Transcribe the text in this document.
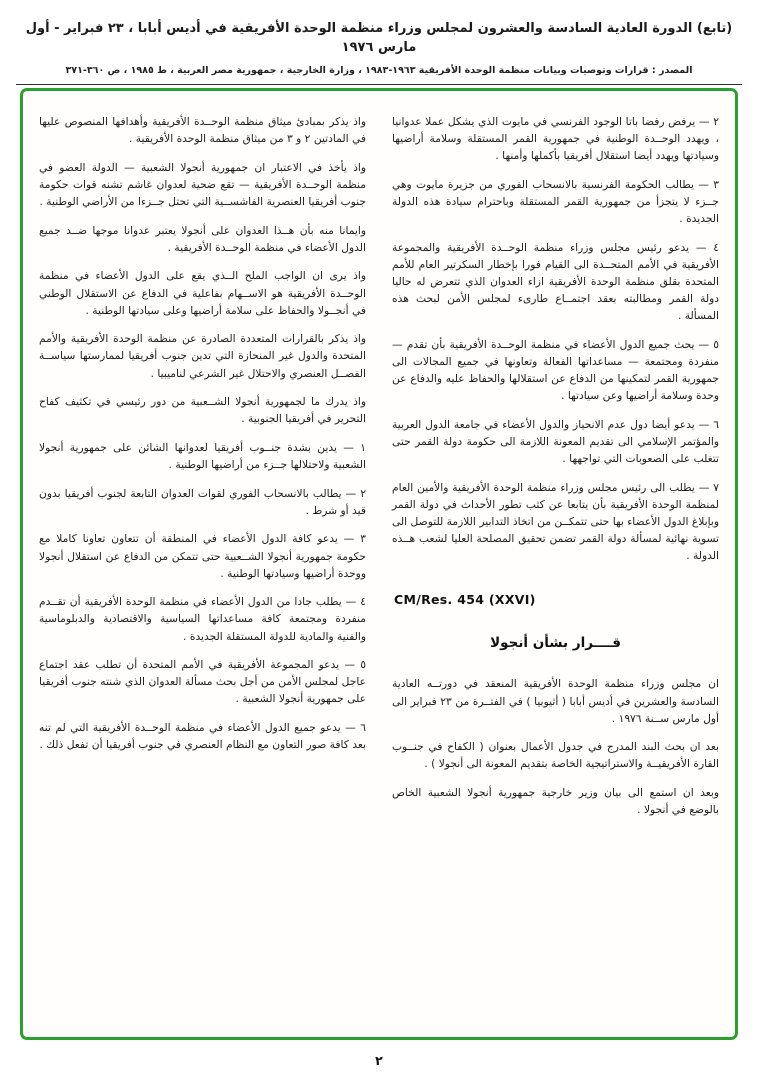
(تابع) الدورة العادية السادسة والعشرون لمجلس وزراء منظمة الوحدة الأفريقية في أديس أبابا ، ٢٣ فبراير - أول مارس ١٩٧٦
المصدر : قرارات وتوصيات وبيانات منظمة الوحدة الأفريقية ١٩٦٣-١٩٨٣ ، وزارة الخارجية ، جمهورية مصر العربية ، ط ١٩٨٥ ، ص ٣٦٠-٣٧١

٢ — يرفض رفضا باتا الوجود الفرنسي في مايوت الذي يشكل عملا عدوانيا ، ويهدد الوحــدة الوطنية في جمهورية القمر المستقلة وسلامة أراضيها وسيادتها ويهدد أيضا استقلال أفريقيا بأكملها وأمنها .

٣ — يطالب الحكومة الفرنسية بالانسحاب الفوري من جزيرة مايوت وهي جــزء لا يتجزأ من جمهورية القمر المستقلة وباحترام سيادة هذه الدولة الجديدة .

٤ — يدعو رئيس مجلس وزراء منظمة الوحــدة الأفريقية والمجموعة الأفريقية في الأمم المتحــدة الى القيام فورا بإخطار السكرتير العام للأمم المتحدة بقلق منظمة الوحدة الأفريقية ازاء العدوان الذي تتعرض له حاليا دولة القمر ومطالبته بعقد اجتمــاع طارىء لمجلس الأمن لبحث هذه المسألة .

٥ — يحث جميع الدول الأعضاء في منظمة الوحــدة الأفريقية بأن تقدم — منفردة ومجتمعة — مساعداتها الفعالة وتعاونها في جميع المجالات الى جمهورية القمر لتمكينها من الدفاع عن استقلالها والحفاظ عليه والدفاع عن وحدة وسلامة أراضيها وعن سيادتها .

٦ — يدعو أيضا دول عدم الانحياز والدول الأعضاء في جامعة الدول العربية والمؤتمر الإسلامي الى تقديم المعونة اللازمة الى حكومة دولة القمر حتى تتغلب على الصعوبات التي تواجهها .

٧ — يطلب الى رئيس مجلس وزراء منظمة الوحدة الأفريقية والأمين العام لمنظمة الوحدة الأفريقية بأن يتابعا عن كثب تطور الأحداث في دولة القمر وبإبلاغ الدول الأعضاء بها حتى تتمكــن من اتخاذ التدابير اللازمة للتوصل الى تسوية نهائية لمسألة دولة القمر تضمن تحقيق المصلحة العليا لشعب هــذه الدولة .

CM/Res. 454 (XXVI)
قــــرار بشأن أنجولا

ان مجلس وزراء منظمة الوحدة الأفريقية المنعقد في دورتــه العادية السادسة والعشرين في أديس أبابا ( أثيوبيا ) في الفتــرة من ٢٣ فبراير الى أول مارس ســنة ١٩٧٦ .

بعد ان بحث البند المدرج في جدول الأعمال بعنوان ( الكفاح في جنــوب القارة الأفريقيــة والاستراتيجية الخاصة بتقديم المعونة الى أنجولا ) .

وبعد ان استمع الى بيان وزير خارجية جمهورية أنجولا الشعبية الخاص بالوضع في أنجولا .

واذ يذكر بمبادئ ميثاق منظمة الوحــدة الأفريقية وأهدافها المنصوص عليها في المادتين ٢ و ٣ من ميثاق منظمة الوحدة الأفريقية .

واذ يأخذ في الاعتبار ان جمهورية أنجولا الشعبية — الدولة العضو في منظمة الوحــدة الأفريقية — تقع ضحية لعدوان غاشم تشنه قوات حكومة جنوب أفريقيا العنصرية الفاشســية التي تحتل جــزءا من الأراضي الوطنية .

وايمانا منه بأن هــذا العدوان على أنجولا يعتبر عدوانا موجها ضــد جميع الدول الأعضاء في منظمة الوحــدة الأفريقية .

واذ يرى ان الواجب الملح الــذي يقع على الدول الأعضاء في منظمة الوحــدة الأفريقية هو الاســهام بفاعلية في الدفاع عن الاستقلال الوطني في أنجــولا والحفاظ على سلامة أراضيها وعلى سيادتها الوطنية .

واذ يذكر بالقرارات المتعددة الصادرة عن منظمة الوحدة الأفريقية والأمم المتحدة والدول غير المنحازة التي تدين جنوب أفريقيا لممارستها سياســة الفصــل العنصري والاحتلال غير الشرعي لناميبيا .

واذ يدرك ما لجمهورية أنجولا الشــعبية من دور رئيسي في تكثيف كفاح التحرير في أفريقيا الجنوبية .

١ — يدين بشدة جنــوب أفريقيا لعدوانها الشائن على جمهورية أنجولا الشعبية ولاحتلالها جــزء من أراضيها الوطنية .

٢ — يطالب بالانسحاب الفوري لقوات العدوان التابعة لجنوب أفريقيا بدون قيد أو شرط .

٣ — يدعو كافة الدول الأعضاء في المنطقة أن تتعاون تعاونا كاملا مع حكومة جمهورية أنجولا الشــعبية حتى تتمكن من الدفاع عن استقلال أنجولا ووحدة أراضيها وسيادتها الوطنية .

٤ — يطلب جادا من الدول الأعضاء في منظمة الوحدة الأفريقية أن تقــدم منفردة ومجتمعة كافة مساعداتها السياسية والاقتصادية والدبلوماسية والفنية والمادية للدولة المستقلة الجديدة .

٥ — يدعو المجموعة الأفريقية في الأمم المتحدة أن تطلب عقد اجتماع عاجل لمجلس الأمن من أجل بحث مسألة العدوان الذي شنته جنوب أفريقيا على جمهورية أنجولا الشعبية .

٦ — يدعو جميع الدول الأعضاء في منظمة الوحــدة الأفريقية التي لم تنه بعد كافة صور التعاون مع النظام العنصري في جنوب أفريقيا أن تفعل ذلك .

٢
